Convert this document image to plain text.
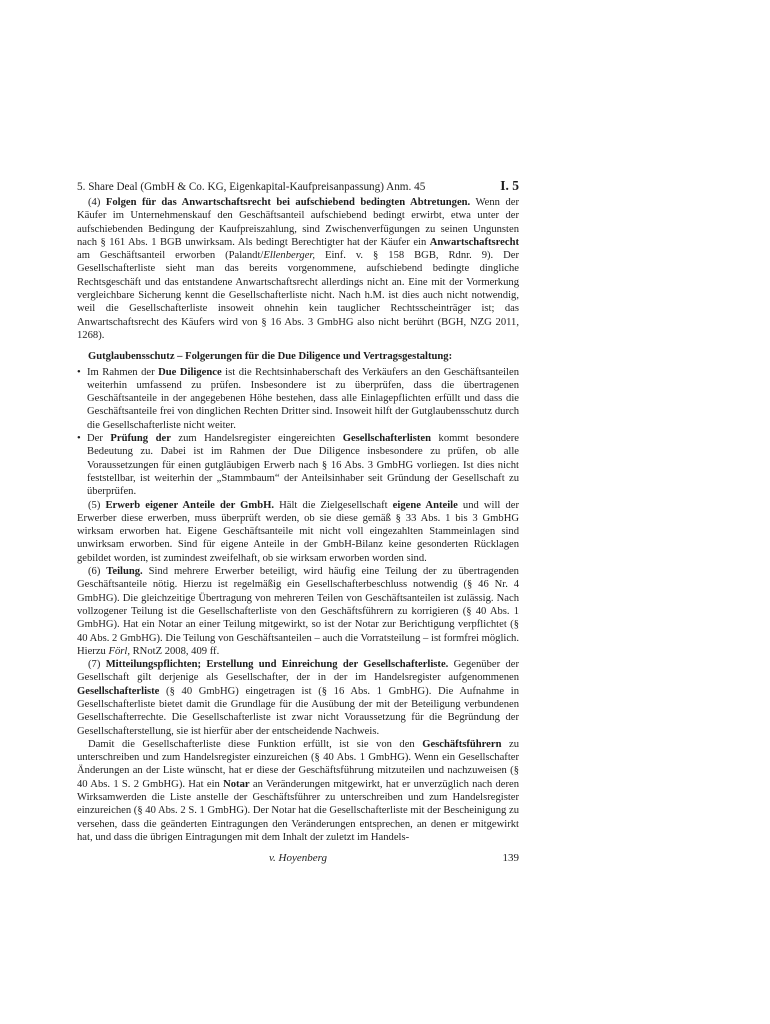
5. Share Deal (GmbH & Co. KG, Eigenkapital-Kaufpreisanpassung) Anm. 45	I. 5

(4) Folgen für das Anwartschaftsrecht bei aufschiebend bedingten Abtretungen. Wenn der Käufer im Unternehmenskauf den Geschäftsanteil aufschiebend bedingt erwirbt, etwa unter der aufschiebenden Bedingung der Kaufpreiszahlung, sind Zwischenverfügungen zu seinen Ungunsten nach § 161 Abs. 1 BGB unwirksam. Als bedingt Berechtigter hat der Käufer ein Anwartschaftsrecht am Geschäftsanteil erworben (Palandt/Ellenberger, Einf. v. § 158 BGB, Rdnr. 9). Der Gesellschafterliste sieht man das bereits vorgenommene, aufschiebend bedingte dingliche Rechtsgeschäft und das entstandene Anwartschaftsrecht allerdings nicht an. Eine mit der Vormerkung vergleichbare Sicherung kennt die Gesellschafterliste nicht. Nach h.M. ist dies auch nicht notwendig, weil die Gesellschafterliste insoweit ohnehin kein tauglicher Rechtsscheinträger ist; das Anwartschaftsrecht des Käufers wird von § 16 Abs. 3 GmbHG also nicht berührt (BGH, NZG 2011, 1268).

Gutglaubensschutz – Folgerungen für die Due Diligence und Vertragsgestaltung:

• Im Rahmen der Due Diligence ist die Rechtsinhaberschaft des Verkäufers an den Geschäftsanteilen weiterhin umfassend zu prüfen. Insbesondere ist zu überprüfen, dass die übertragenen Geschäftsanteile in der angegebenen Höhe bestehen, dass alle Einlagepflichten erfüllt und dass die Geschäftsanteile frei von dinglichen Rechten Dritter sind. Insoweit hilft der Gutglaubensschutz durch die Gesellschafterliste nicht weiter.
• Der Prüfung der zum Handelsregister eingereichten Gesellschafterlisten kommt besondere Bedeutung zu. Dabei ist im Rahmen der Due Diligence insbesondere zu prüfen, ob alle Voraussetzungen für einen gutgläubigen Erwerb nach § 16 Abs. 3 GmbHG vorliegen. Ist dies nicht feststellbar, ist weiterhin der „Stammbaum“ der Anteilsinhaber seit Gründung der Gesellschaft zu überprüfen.

(5) Erwerb eigener Anteile der GmbH. Hält die Zielgesellschaft eigene Anteile und will der Erwerber diese erwerben, muss überprüft werden, ob sie diese gemäß § 33 Abs. 1 bis 3 GmbHG wirksam erworben hat. Eigene Geschäftsanteile mit nicht voll eingezahlten Stammeinlagen sind unwirksam erworben. Sind für eigene Anteile in der GmbH-Bilanz keine gesonderten Rücklagen gebildet worden, ist zumindest zweifelhaft, ob sie wirksam erworben worden sind.

(6) Teilung. Sind mehrere Erwerber beteiligt, wird häufig eine Teilung der zu übertragenden Geschäftsanteile nötig. Hierzu ist regelmäßig ein Gesellschafterbeschluss notwendig (§ 46 Nr. 4 GmbHG). Die gleichzeitige Übertragung von mehreren Teilen von Geschäftsanteilen ist zulässig. Nach vollzogener Teilung ist die Gesellschafterliste von den Geschäftsführern zu korrigieren (§ 40 Abs. 1 GmbHG). Hat ein Notar an einer Teilung mitgewirkt, so ist der Notar zur Berichtigung verpflichtet (§ 40 Abs. 2 GmbHG). Die Teilung von Geschäftsanteilen – auch die Vorratsteilung – ist formfrei möglich. Hierzu Förl, RNotZ 2008, 409 ff.

(7) Mitteilungspflichten; Erstellung und Einreichung der Gesellschafterliste. Gegenüber der Gesellschaft gilt derjenige als Gesellschafter, der in der im Handelsregister aufgenommenen Gesellschafterliste (§ 40 GmbHG) eingetragen ist (§ 16 Abs. 1 GmbHG). Die Aufnahme in Gesellschafterliste bietet damit die Grundlage für die Ausübung der mit der Beteiligung verbundenen Gesellschafterrechte. Die Gesellschafterliste ist zwar nicht Voraussetzung für die Begründung der Gesellschafterstellung, sie ist hierfür aber der entscheidende Nachweis.

Damit die Gesellschafterliste diese Funktion erfüllt, ist sie von den Geschäftsführern zu unterschreiben und zum Handelsregister einzureichen (§ 40 Abs. 1 GmbHG). Wenn ein Gesellschafter Änderungen an der Liste wünscht, hat er diese der Geschäftsführung mitzuteilen und nachzuweisen (§ 40 Abs. 1 S. 2 GmbHG). Hat ein Notar an Veränderungen mitgewirkt, hat er unverzüglich nach deren Wirksamwerden die Liste anstelle der Geschäftsführer zu unterschreiben und zum Handelsregister einzureichen (§ 40 Abs. 2 S. 1 GmbHG). Der Notar hat die Gesellschafterliste mit der Bescheinigung zu versehen, dass die geänderten Eintragungen den Veränderungen entsprechen, an denen er mitgewirkt hat, und dass die übrigen Eintragungen mit dem Inhalt der zuletzt im Handels-

v. Hoyenberg	139
